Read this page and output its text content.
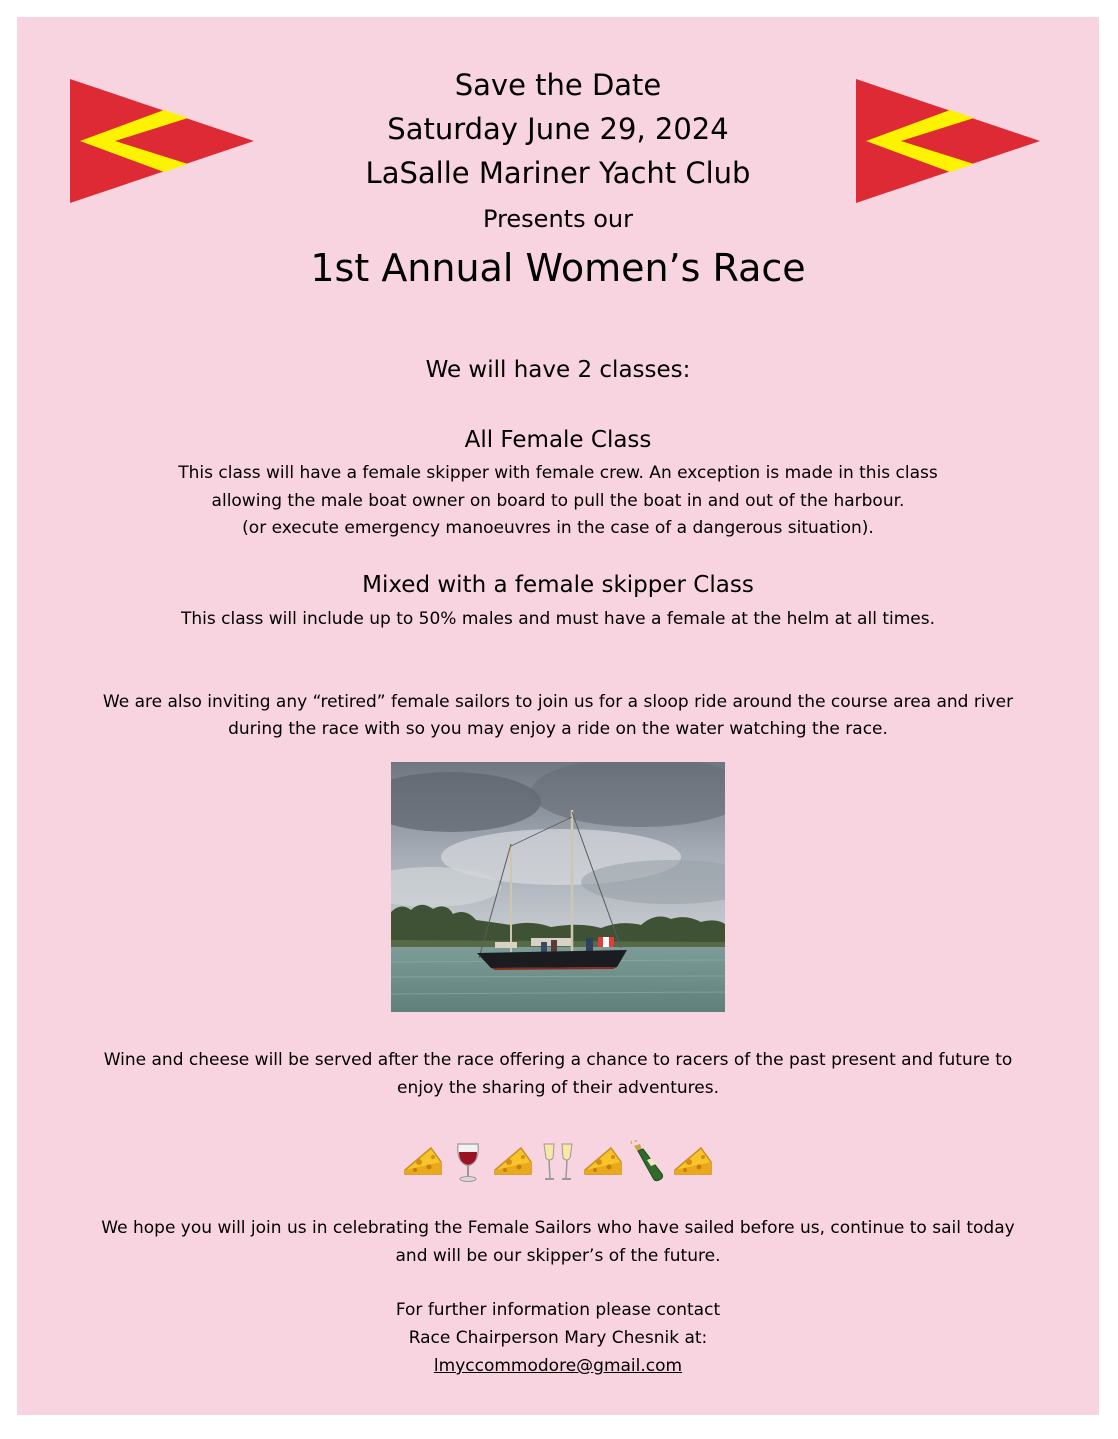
Save the Date
Saturday June 29, 2024
LaSalle Mariner Yacht Club
Presents our
1st Annual Women’s Race
We will have 2 classes:
All Female Class
This class will have a female skipper with female crew. An exception is made in this class
allowing the male boat owner on board to pull the boat in and out of the harbour.
(or execute emergency manoeuvres in the case of a dangerous situation).
Mixed with a female skipper Class
This class will include up to 50% males and must have a female at the helm at all times.
We are also inviting any “retired” female sailors to join us for a sloop ride around the course area and river
during the race with so you may enjoy a ride on the water watching the race.
Wine and cheese will be served after the race offering a chance to racers of the past present and future to
enjoy the sharing of their adventures.
We hope you will join us in celebrating the Female Sailors who have sailed before us, continue to sail today
and will be our skipper’s of the future.
For further information please contact
Race Chairperson Mary Chesnik at:
lmyccommodore@gmail.com
